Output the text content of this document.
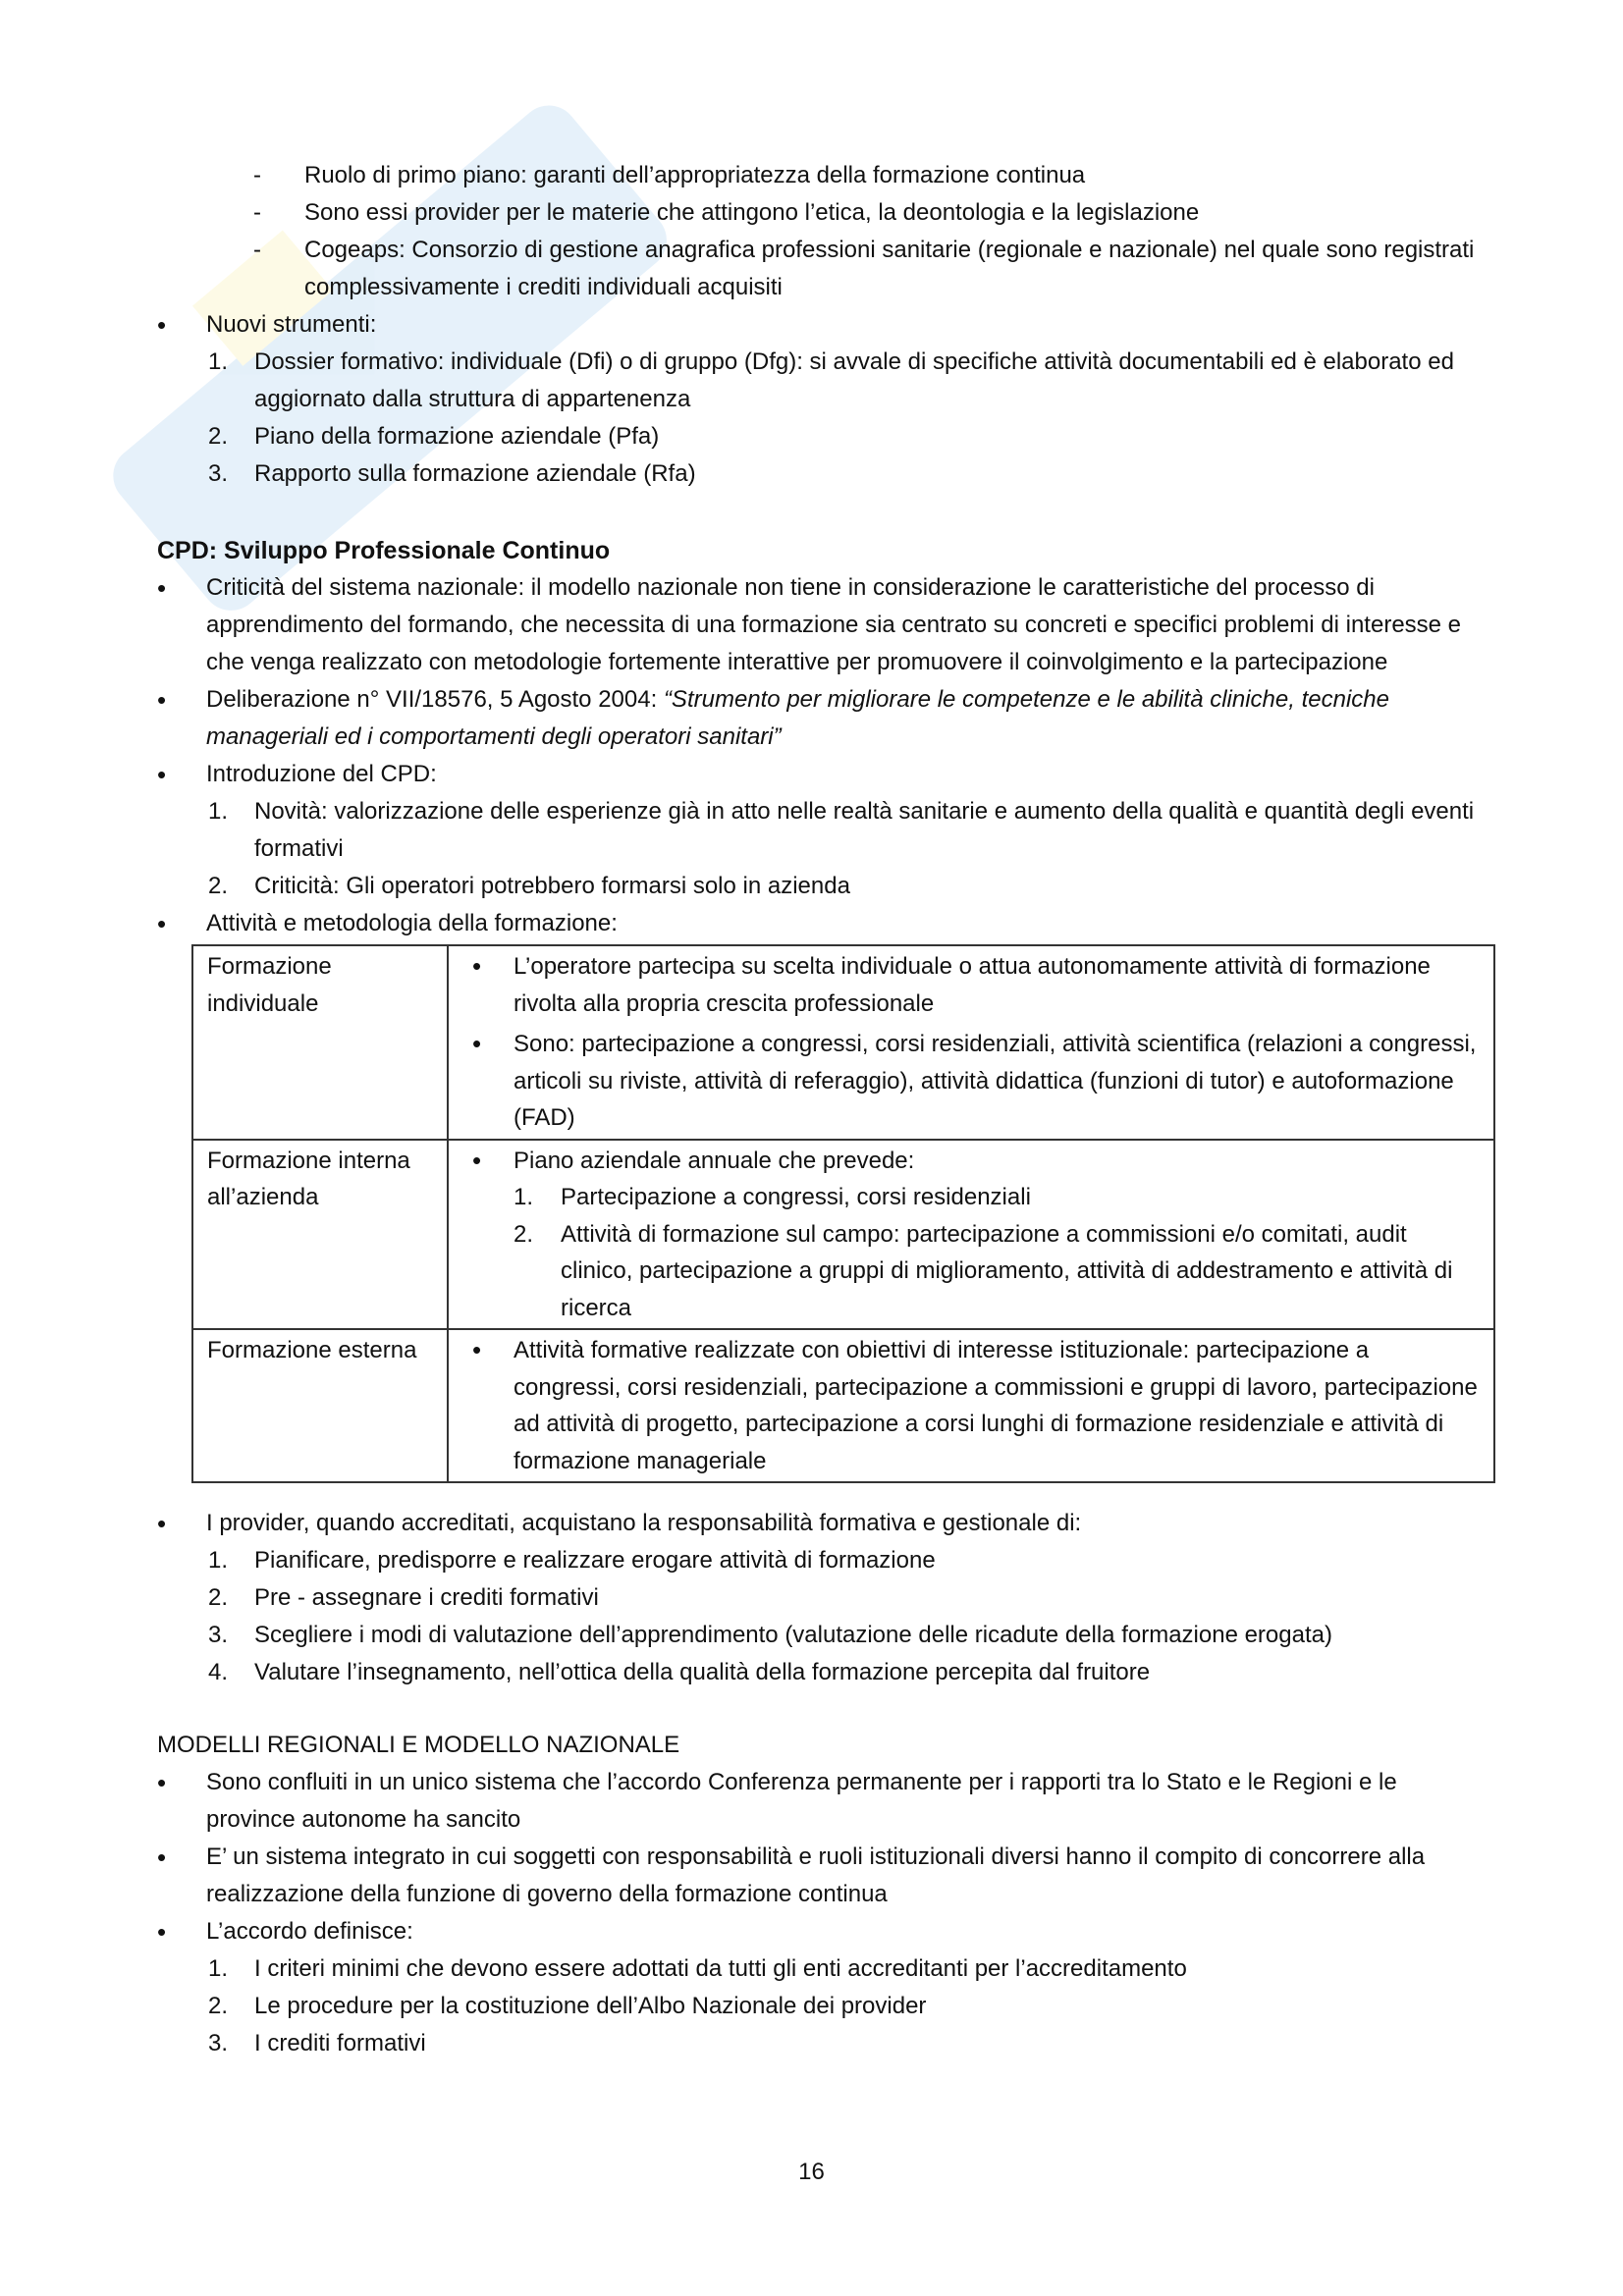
- Ruolo di primo piano: garanti dell’appropriatezza della formazione continua
- Sono essi provider per le materie che attingono l’etica, la deontologia e la legislazione
- Cogeaps: Consorzio di gestione anagrafica professioni sanitarie (regionale e nazionale) nel quale sono registrati complessivamente i crediti individuali acquisiti
• Nuovi strumenti:
1. Dossier formativo: individuale (Dfi) o di gruppo (Dfg): si avvale di specifiche attività documentabili ed è elaborato ed aggiornato dalla struttura di appartenenza
2. Piano della formazione aziendale (Pfa)
3. Rapporto sulla formazione aziendale (Rfa)
CPD: Sviluppo Professionale Continuo
• Criticità del sistema nazionale: il modello nazionale non tiene in considerazione le caratteristiche del processo di apprendimento del formando, che necessita di una formazione sia centrato su concreti e specifici problemi di interesse e che venga realizzato con metodologie fortemente interattive per promuovere il coinvolgimento e la partecipazione
• Deliberazione n° VII/18576, 5 Agosto 2004: “Strumento per migliorare le competenze e le abilità cliniche, tecniche manageriali ed i comportamenti degli operatori sanitari”
• Introduzione del CPD:
1. Novità: valorizzazione delle esperienze già in atto nelle realtà sanitarie e aumento della qualità e quantità degli eventi formativi
2. Criticità: Gli operatori potrebbero formarsi solo in azienda
• Attività e metodologia della formazione:
Formazione individuale	• L’operatore partecipa su scelta individuale o attua autonomamente attività di formazione rivolta alla propria crescita professionale
• Sono: partecipazione a congressi, corsi residenziali, attività scientifica (relazioni a congressi, articoli su riviste, attività di referaggio), attività didattica (funzioni di tutor) e autoformazione (FAD)

Formazione interna all’azienda	• Piano aziendale annuale che prevede:
1. Partecipazione a congressi, corsi residenziali
2. Attività di formazione sul campo: partecipazione a commissioni e/o comitati, audit clinico, partecipazione a gruppi di miglioramento, attività di addestramento e attività di ricerca

Formazione esterna	• Attività formative realizzate con obiettivi di interesse istituzionale: partecipazione a congressi, corsi residenziali, partecipazione a commissioni e gruppi di lavoro, partecipazione ad attività di progetto, partecipazione a corsi lunghi di formazione residenziale e attività di formazione manageriale
• I provider, quando accreditati, acquistano la responsabilità formativa e gestionale di:
1. Pianificare, predisporre e realizzare erogare attività di formazione
2. Pre - assegnare i crediti formativi
3. Scegliere i modi di valutazione dell’apprendimento (valutazione delle ricadute della formazione erogata)
4. Valutare l’insegnamento, nell’ottica della qualità della formazione percepita dal fruitore
MODELLI REGIONALI E MODELLO NAZIONALE
• Sono confluiti in un unico sistema che l’accordo Conferenza permanente per i rapporti tra lo Stato e le Regioni e le province autonome ha sancito
• E’ un sistema integrato in cui soggetti con responsabilità e ruoli istituzionali diversi hanno il compito di concorrere alla realizzazione della funzione di governo della formazione continua
• L’accordo definisce:
1. I criteri minimi che devono essere adottati da tutti gli enti accreditanti per l’accreditamento
2. Le procedure per la costituzione dell’Albo Nazionale dei provider
3. I crediti formativi
16
